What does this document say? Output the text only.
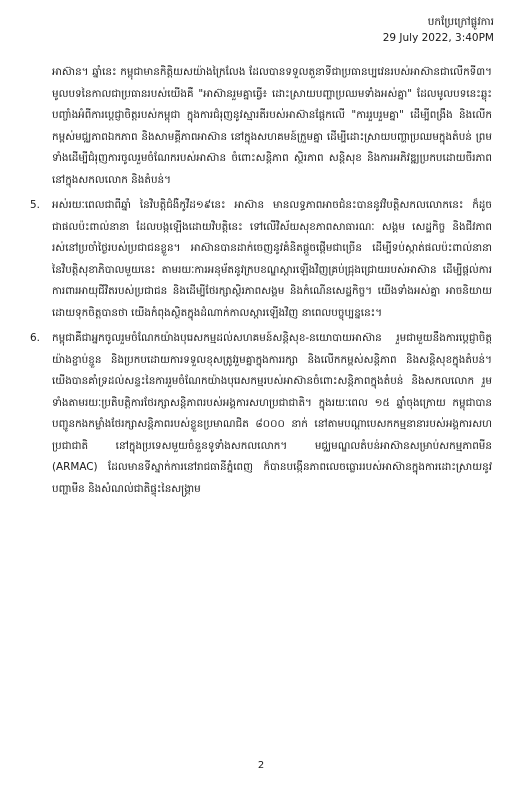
បកប្រែក្រៅផ្លូវការ
29 July 2022, 3:40PM

អាស៊ាន។ ឆ្នាំនេះ កម្ពុជាមានកិត្តិយសយ៉ាងក្រៃលែង ដែលបានទទួលតួនាទីជាប្រធានប្បវេនរបស់អាស៊ានជាលើកទី៣។ មូលបទនៃកាលជាប្រធានរបស់យើងគឺ "អាស៊ានរួមគ្នាធ្វើ៖ ដោះស្រាយបញ្ហាប្រឈមទាំងអស់គ្នា" ដែលមូលបទនេះឆ្លុះបញ្ចាំងអំពីការប្តេជ្ញាចិត្តរបស់កម្ពុជា ក្នុងការជំរុញនូវស្មារតីរបស់អាស៊ានផ្ដែកលើ "ការរួបរួមគ្នា" ដើម្បីពង្រឹង និងលើកកម្ពស់មជ្ឈភាពឯកភាព និងសាមគ្គីភាពអាស៊ាន នៅក្នុងសហគមន៍ក្រួមគ្នា ដើម្បីដោះស្រាយបញ្ហាប្រឈមក្នុងតំបន់ ព្រមទាំងដើម្បីជំរុញការចូលរួមចំណែករបស់អាស៊ាន ចំពោះសន្តិភាព ស្ថិរភាព សន្តិសុខ និងការអភិវឌ្ឍប្រកបដោយចីរភាព នៅក្នុងសកលលោក និងតំបន់។

5.	អស់រយៈពេលជាពីឆ្នាំ នៃវិបត្តិជំងឺកូវីដ១៩នេះ អាស៊ាន មានលទ្ធភាពអាចជំនះបាននូវវិបត្តិសកលលោកនេះ ក៏ដូចជាផលប៉ះពាល់នានា ដែលបង្កឡើងដោយវិបត្តិនេះ ទៅលើវិស័យសុខភាពសាធារណៈ សង្គម សេដ្ឋកិច្ច និងជីវភាពរស់នៅប្រចាំថ្ងៃរបស់ប្រជាជនខ្លួន។ អាស៊ានបានដាក់ចេញនូវគំនិតផ្តួចផ្តើមជាច្រើន ដើម្បីទប់ស្កាត់ផលប៉ះពាល់នានានៃវិបត្តិសុខាភិបាលមួយនេះ តាមរយៈការអនុម័តនូវក្របខណ្ឌស្តារឡើងវិញគ្រប់ជ្រុងជ្រោយរបស់អាស៊ាន ដើម្បីផ្តល់ការការពារអាយុជីវិតរបស់ប្រជាជន និងដើម្បីថែរក្សាស្ថិរភាពសង្គម និងកំណើនសេដ្ឋកិច្ច។ យើងទាំងអស់គ្នា អាចនិយាយដោយទុកចិត្តបានថា យើងកំពុងស្ថិតក្នុងដំណាក់កាលស្តារឡើងវិញ នាពេលបច្ចុប្បន្ននេះ។
6.	កម្ពុជាគឺជាអ្នកចូលរួមចំណែកយ៉ាងបុរេសកម្មដល់សហគមន៍សន្តិសុខ-នយោបាយអាស៊ាន រួមជាមួយនឹងការប្តេជ្ញាចិត្តយ៉ាងខ្ជាប់ខ្ជួន និងប្រកបដោយការទទួលខុសត្រូវរួមគ្នាក្នុងការរក្សា និងលើកកម្ពស់សន្តិភាព និងសន្តិសុខក្នុងតំបន់។ យើងបានគាំទ្រដល់សន្ទះនៃការរួមចំណែកយ៉ាងបុរេសកម្មរបស់អាស៊ានចំពោះសន្តិភាពក្នុងតំបន់ និងសកលលោក រួមទាំងតាមរយៈប្រតិបត្តិការថែរក្សាសន្តិភាពរបស់អង្គការសហប្រជាជាតិ។ ក្នុងរយៈពេល ១៥ ឆ្នាំចុងក្រោយ កម្ពុជាបានបញ្ជូនកងកម្លាំងថែរក្សាសន្តិភាពរបស់ខ្លួនប្រមាណជិត ៨០០០ នាក់ នៅតាមបណ្តាបេសកកម្មនានារបស់អង្គការសហប្រជាជាតិ នៅក្នុងប្រទេសមួយចំនួនទូទាំងសកលលោក។ មជ្ឈមណ្ឌលតំបន់អាស៊ានសម្រាប់សកម្មភាពមីន (ARMAC) ដែលមានទីស្នាក់ការនៅរាជធានីភ្នំពេញ ក៏បានបង្កើនភាពលេចធ្លោររបស់អាស៊ានក្នុងការដោះស្រាយនូវបញ្ហាមីន និងសំណល់ជាតិផ្ទុះនៃសង្គ្រាម
2
